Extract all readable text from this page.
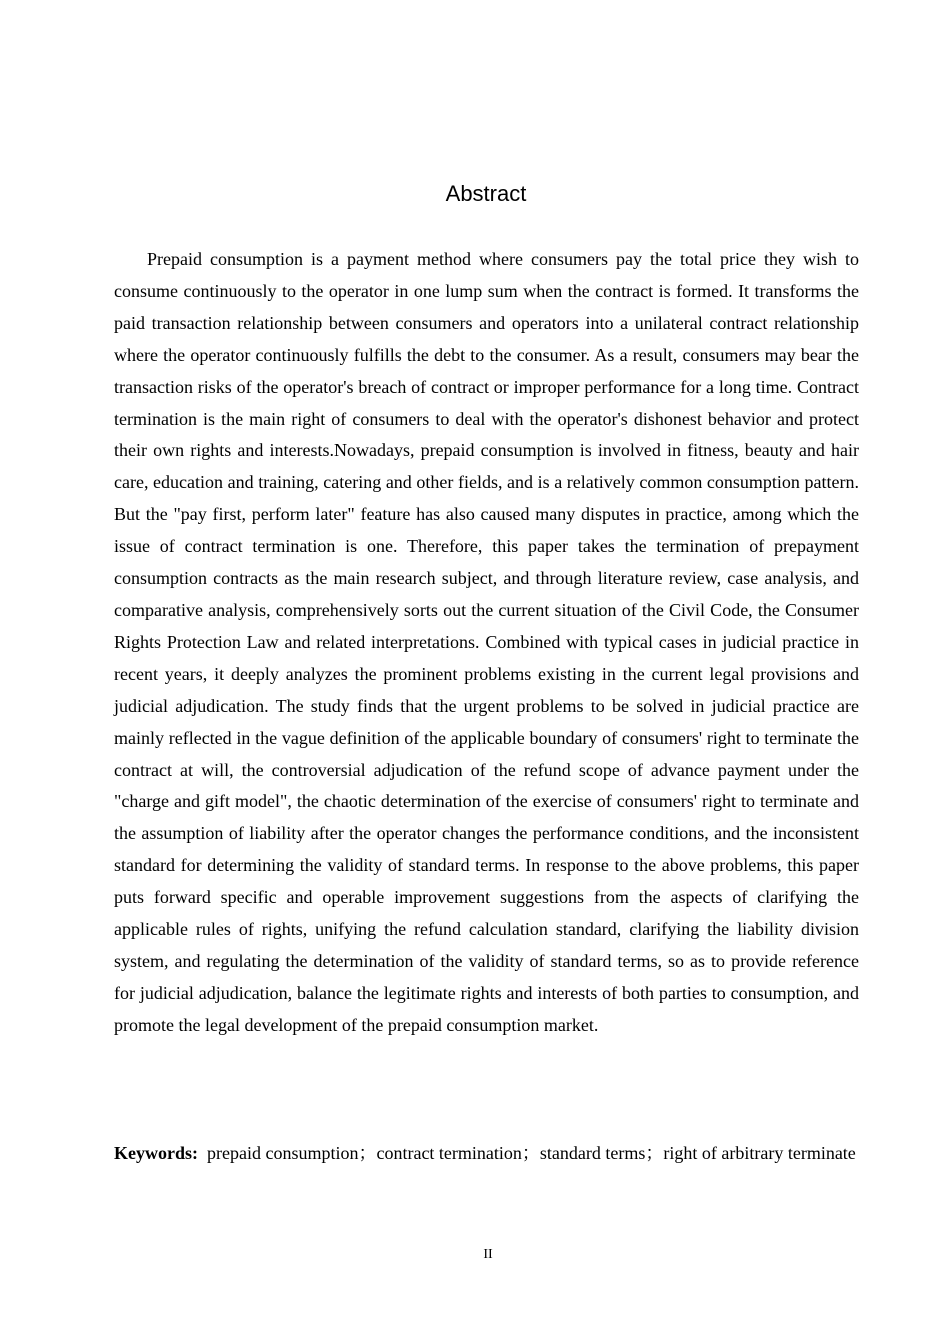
Abstract

Prepaid consumption is a payment method where consumers pay the total price they wish to consume continuously to the operator in one lump sum when the contract is formed. It transforms the paid transaction relationship between consumers and operators into a unilateral contract relationship where the operator continuously fulfills the debt to the consumer. As a result, consumers may bear the transaction risks of the operator's breach of contract or improper performance for a long time. Contract termination is the main right of consumers to deal with the operator's dishonest behavior and protect their own rights and interests.Nowadays, prepaid consumption is involved in fitness, beauty and hair care, education and training, catering and other fields, and is a relatively common consumption pattern. But the "pay first, perform later" feature has also caused many disputes in practice, among which the issue of contract termination is one. Therefore, this paper takes the termination of prepayment consumption contracts as the main research subject, and through literature review, case analysis, and comparative analysis, comprehensively sorts out the current situation of the Civil Code, the Consumer Rights Protection Law and related interpretations. Combined with typical cases in judicial practice in recent years, it deeply analyzes the prominent problems existing in the current legal provisions and judicial adjudication. The study finds that the urgent problems to be solved in judicial practice are mainly reflected in the vague definition of the applicable boundary of consumers' right to terminate the contract at will, the controversial adjudication of the refund scope of advance payment under the "charge and gift model", the chaotic determination of the exercise of consumers' right to terminate and the assumption of liability after the operator changes the performance conditions, and the inconsistent standard for determining the validity of standard terms. In response to the above problems, this paper puts forward specific and operable improvement suggestions from the aspects of clarifying the applicable rules of rights, unifying the refund calculation standard, clarifying the liability division system, and regulating the determination of the validity of standard terms, so as to provide reference for judicial adjudication, balance the legitimate rights and interests of both parties to consumption, and promote the legal development of the prepaid consumption market.

Keywords: prepaid consumption；contract termination；standard terms；right of arbitrary terminate

II
